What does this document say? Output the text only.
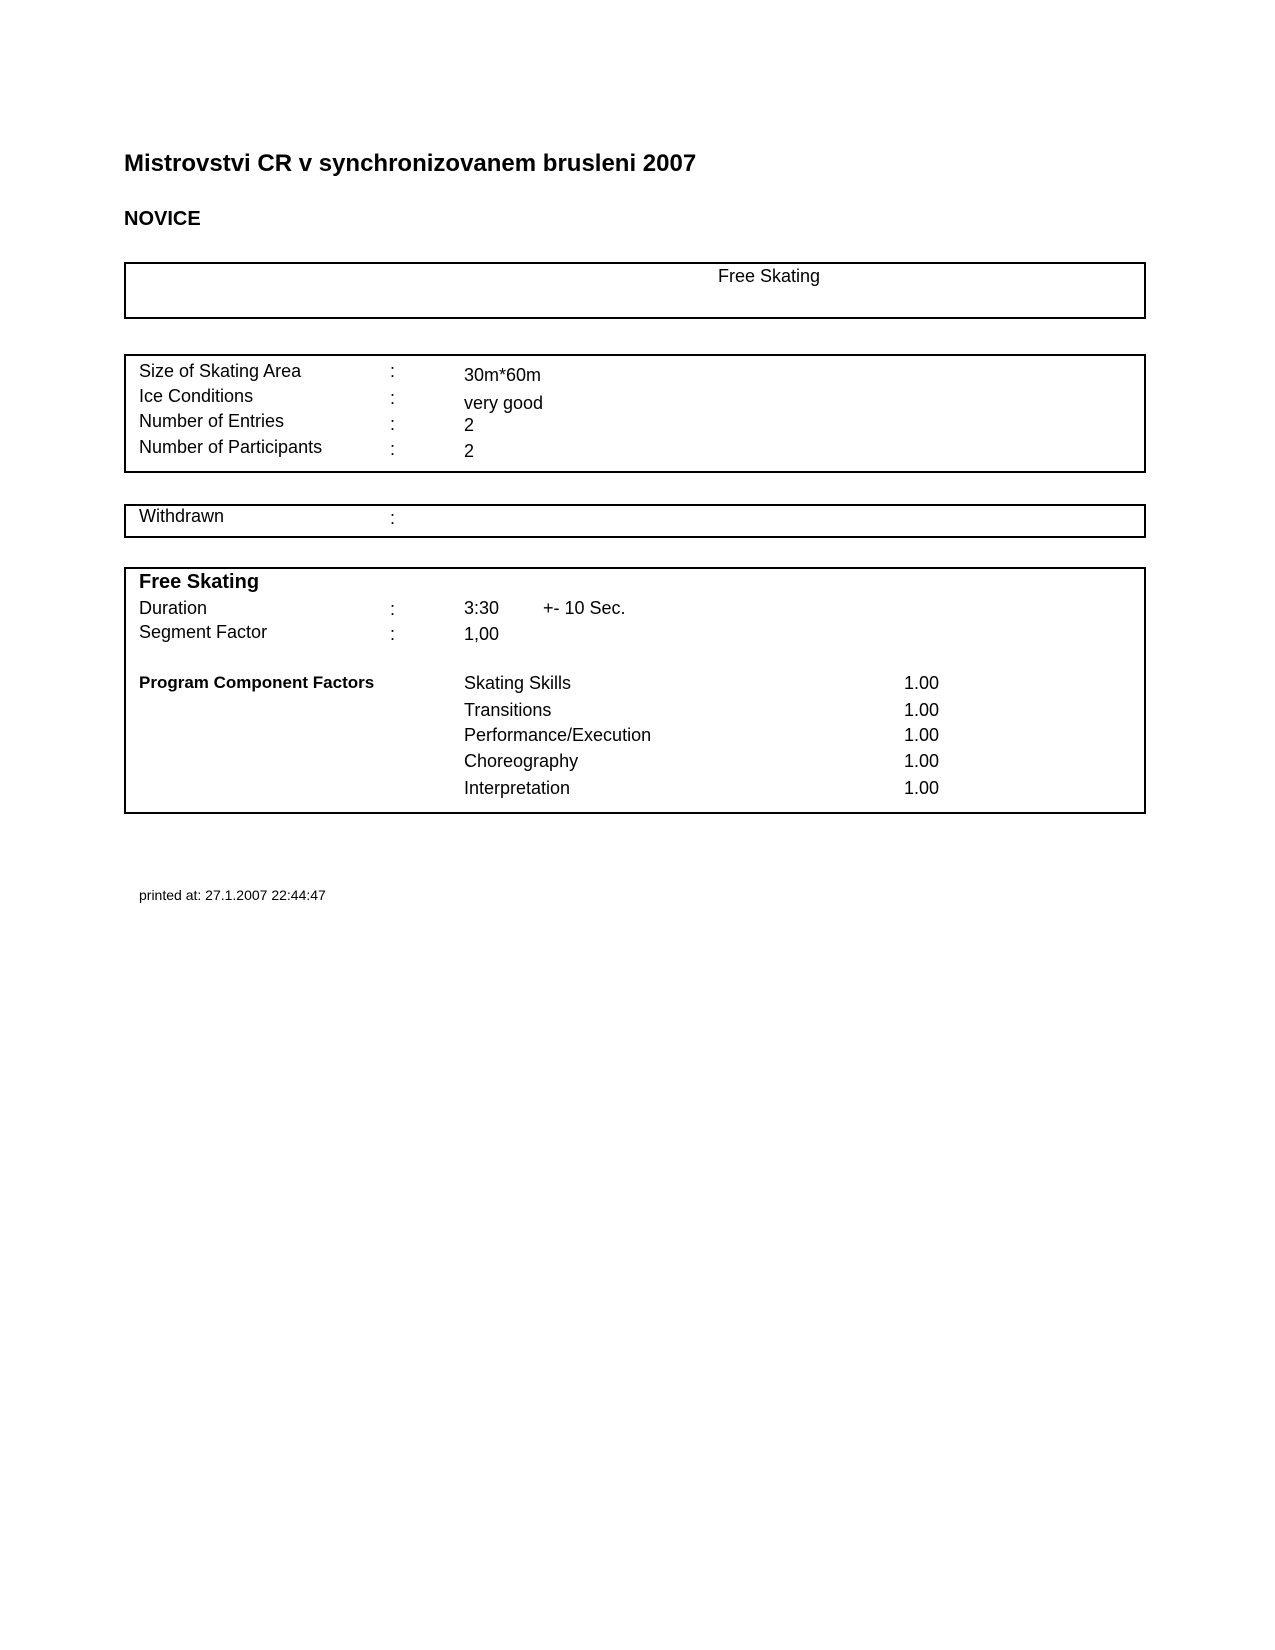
Mistrovstvi CR v synchronizovanem brusleni 2007
NOVICE
Free Skating
Size of Skating Area	:	30m*60m
Ice Conditions	:	very good
Number of Entries	:	2
Number of Participants	:	2
Withdrawn	:
Free Skating
Duration	:	3:30 +- 10 Sec.
Segment Factor	:	1,00
Program Component Factors	Skating Skills	1.00
Transitions	1.00
Performance/Execution	1.00
Choreography	1.00
Interpretation	1.00
printed at: 27.1.2007 22:44:47
